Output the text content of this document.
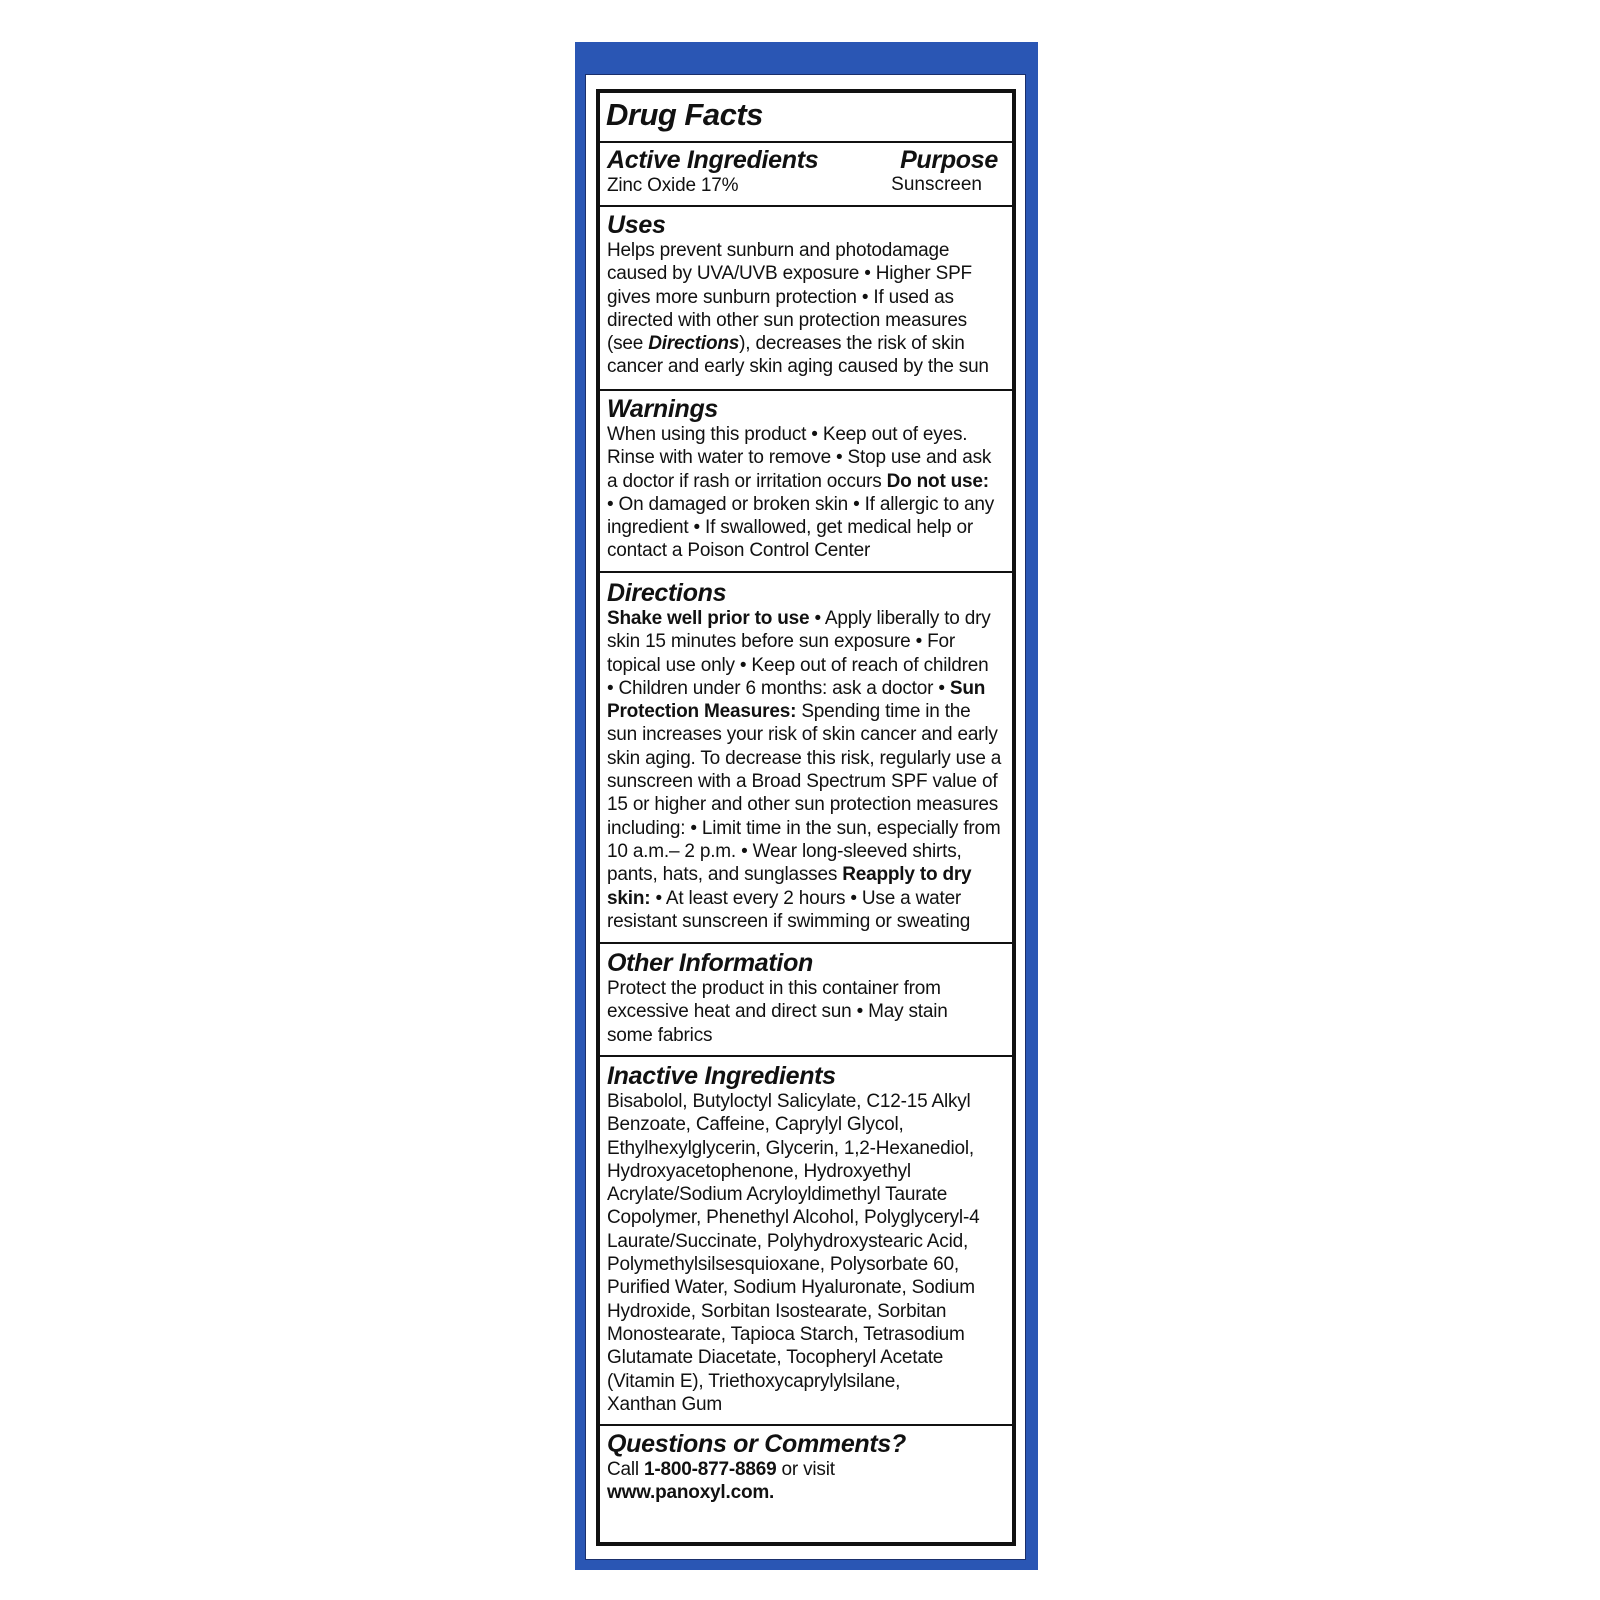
Drug Facts
Active Ingredients
Zinc Oxide 17%
Purpose
Sunscreen
Uses
Helps prevent sunburn and photodamage
caused by UVA/UVB exposure • Higher SPF
gives more sunburn protection • If used as
directed with other sun protection measures
(see Directions), decreases the risk of skin
cancer and early skin aging caused by the sun
Warnings
When using this product • Keep out of eyes.
Rinse with water to remove • Stop use and ask
a doctor if rash or irritation occurs Do not use:
• On damaged or broken skin • If allergic to any
ingredient • If swallowed, get medical help or
contact a Poison Control Center
Directions
Shake well prior to use • Apply liberally to dry
skin 15 minutes before sun exposure • For
topical use only • Keep out of reach of children
• Children under 6 months: ask a doctor • Sun
Protection Measures: Spending time in the
sun increases your risk of skin cancer and early
skin aging. To decrease this risk, regularly use a
sunscreen with a Broad Spectrum SPF value of
15 or higher and other sun protection measures
including: • Limit time in the sun, especially from
10 a.m.– 2 p.m. • Wear long-sleeved shirts,
pants, hats, and sunglasses Reapply to dry
skin: • At least every 2 hours • Use a water
resistant sunscreen if swimming or sweating
Other Information
Protect the product in this container from
excessive heat and direct sun • May stain
some fabrics
Inactive Ingredients
Bisabolol, Butyloctyl Salicylate, C12-15 Alkyl
Benzoate, Caffeine, Caprylyl Glycol,
Ethylhexylglycerin, Glycerin, 1,2-Hexanediol,
Hydroxyacetophenone, Hydroxyethyl
Acrylate/Sodium Acryloyldimethyl Taurate
Copolymer, Phenethyl Alcohol, Polyglyceryl-4
Laurate/Succinate, Polyhydroxystearic Acid,
Polymethylsilsesquioxane, Polysorbate 60,
Purified Water, Sodium Hyaluronate, Sodium
Hydroxide, Sorbitan Isostearate, Sorbitan
Monostearate, Tapioca Starch, Tetrasodium
Glutamate Diacetate, Tocopheryl Acetate
(Vitamin E), Triethoxycaprylylsilane,
Xanthan Gum
Questions or Comments?
Call 1-800-877-8869 or visit
www.panoxyl.com.
